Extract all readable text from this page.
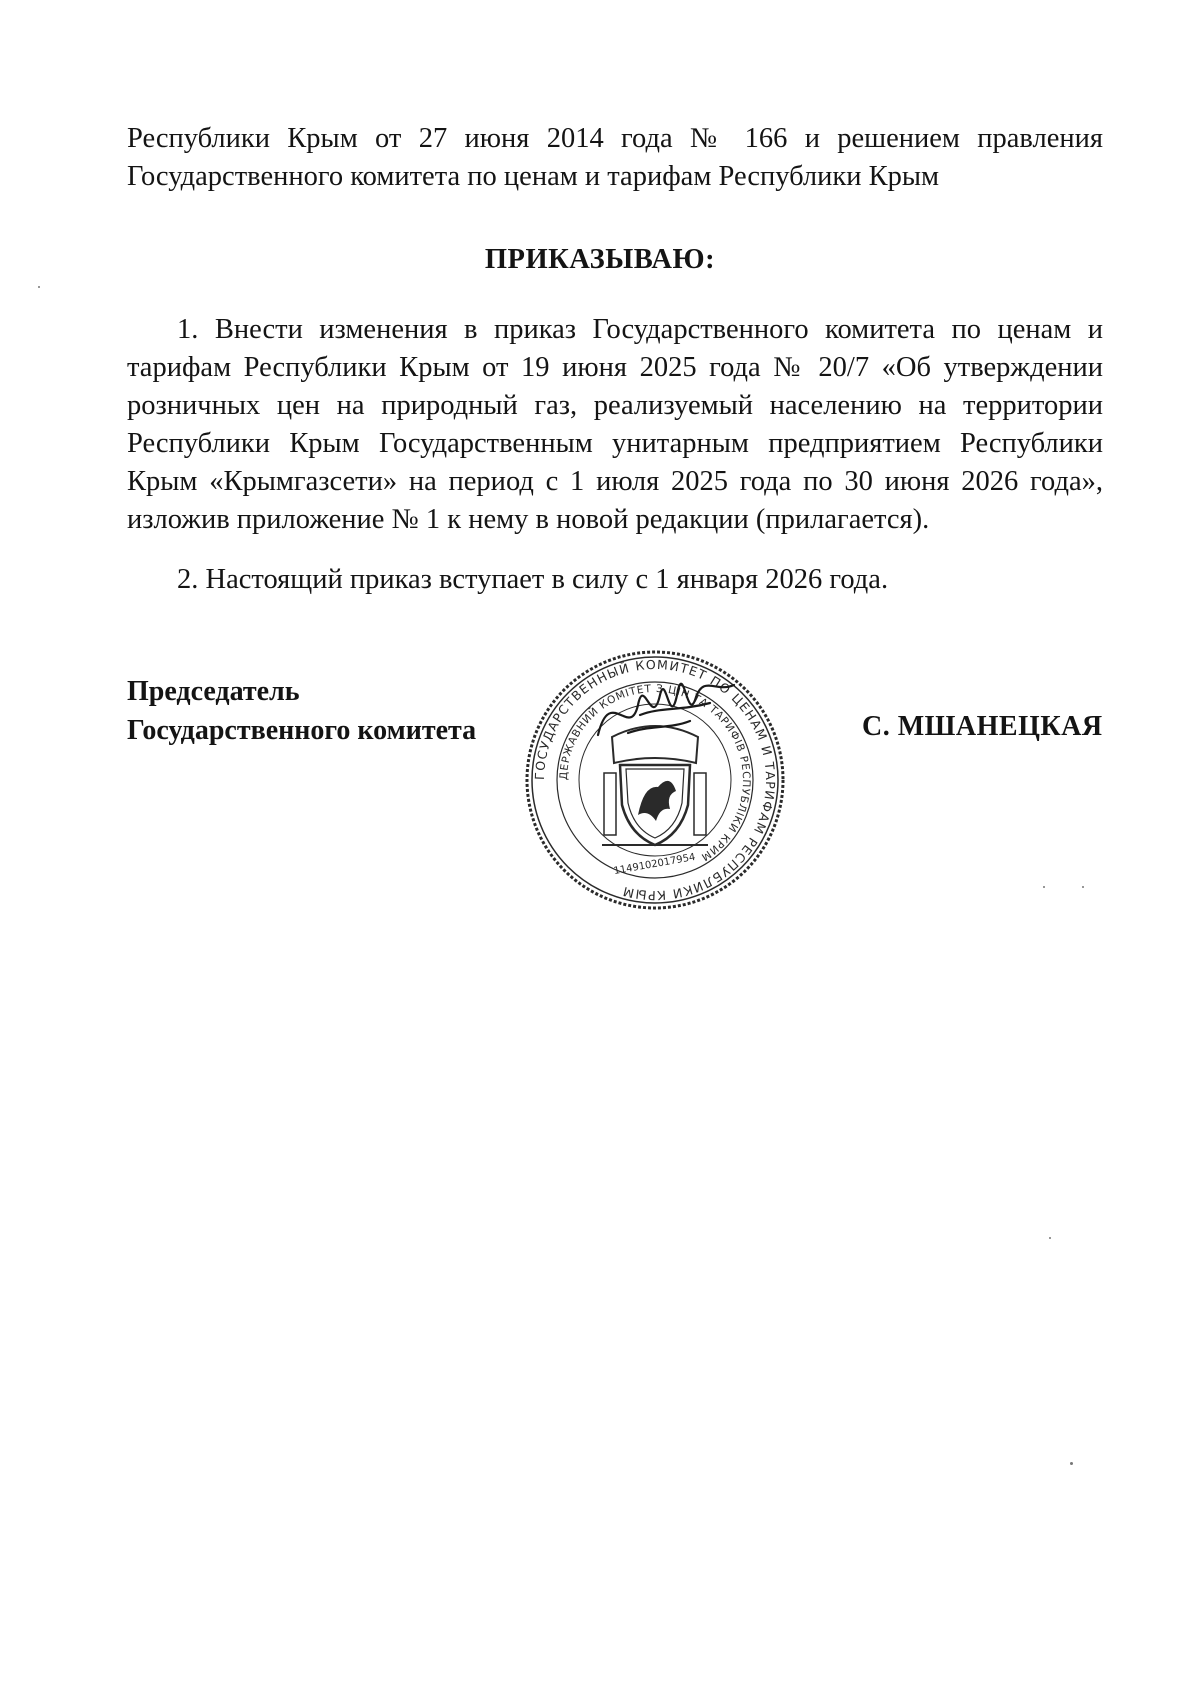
Республики Крым от 27 июня 2014 года № 166 и решением правления
Государственного комитета по ценам и тарифам Республики Крым
ПРИКАЗЫВАЮ:
1. Внести изменения в приказ Государственного комитета по ценам и
тарифам Республики Крым от 19 июня 2025 года № 20/7 «Об утверждении
розничных цен на природный газ, реализуемый населению на территории
Республики Крым Государственным унитарным предприятием Республики
Крым «Крымгазсети» на период с 1 июля 2025 года по 30 июня 2026 года»,
изложив приложение № 1 к нему в новой редакции (прилагается).
2. Настоящий приказ вступает в силу с 1 января 2026 года.
Председатель
Государственного комитета	С. МШАНЕЦКАЯ
ГОСУДАРСТВЕННЫЙ КОМИТЕТ ПО ЦЕНАМ И ТАРИФАМ РЕСПУБЛИКИ КРЫМ
ДЕРЖАВНИЙ КОМІТЕТ З ЦІН ТА ТАРИФІВ РЕСПУБЛІКИ КРИМ
1149102017954
